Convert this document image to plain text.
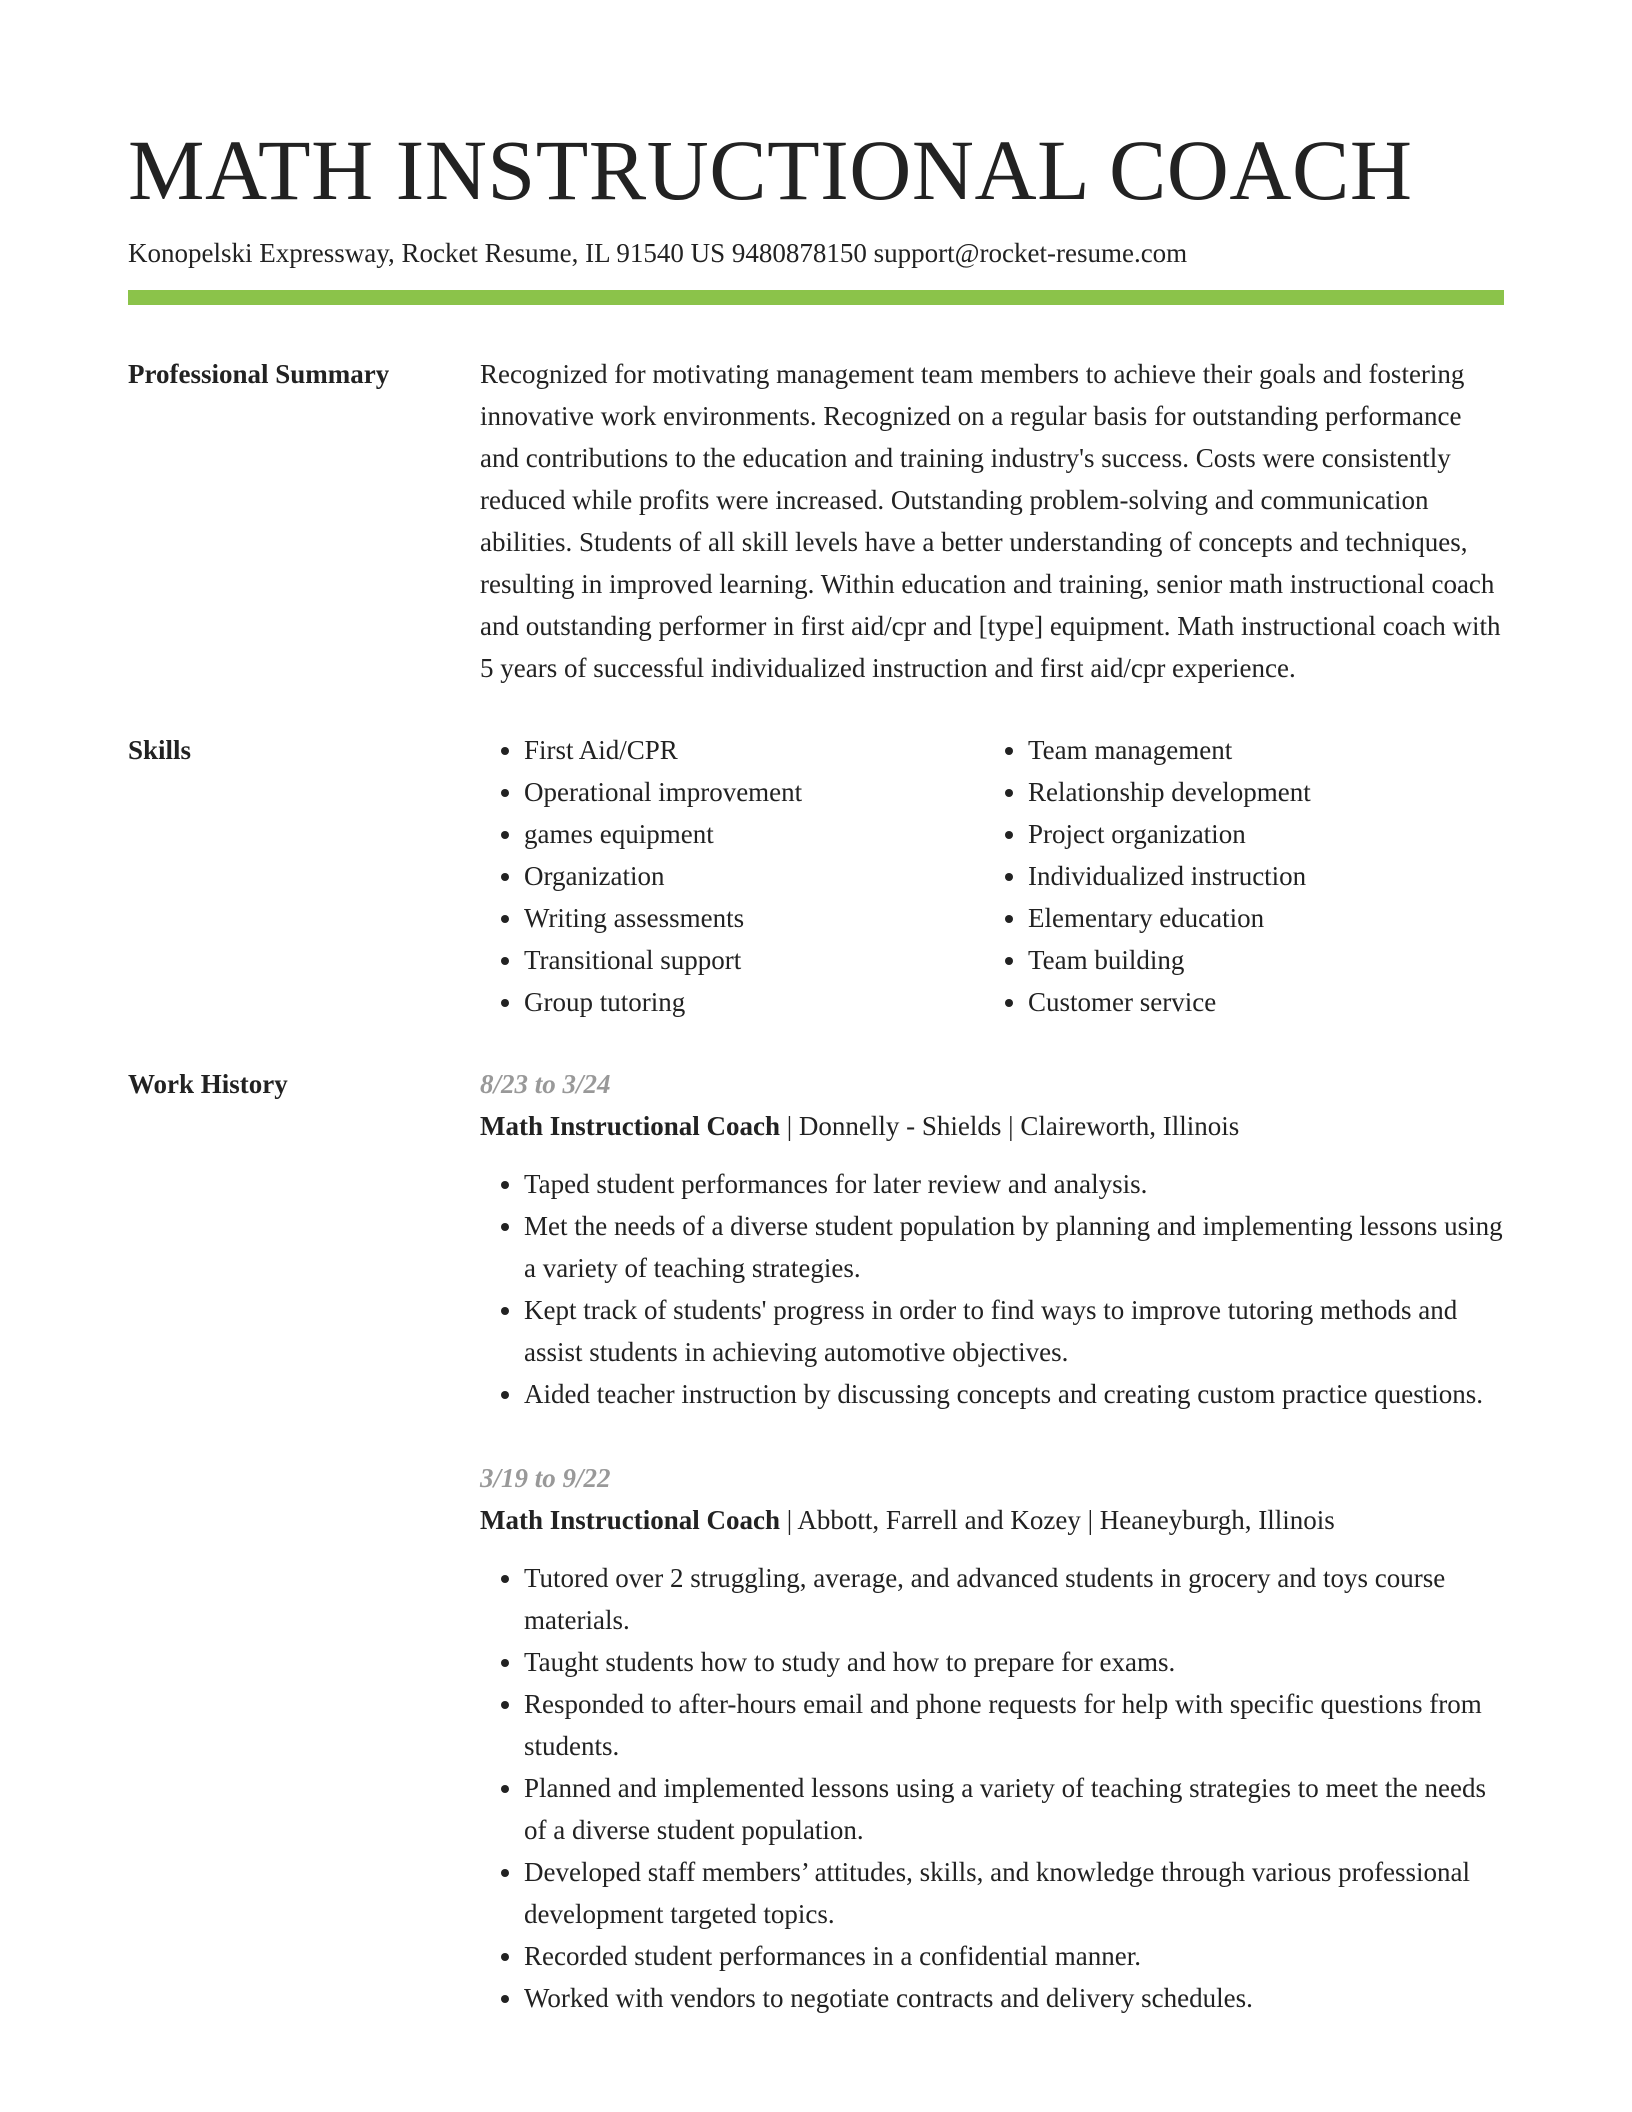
MATH INSTRUCTIONAL COACH
Konopelski Expressway, Rocket Resume, IL 91540 US 9480878150 support@rocket-resume.com
Professional Summary	Recognized for motivating management team members to achieve their goals and fostering innovative work environments. Recognized on a regular basis for outstanding performance and contributions to the education and training industry's success. Costs were consistently reduced while profits were increased. Outstanding problem-solving and communication abilities. Students of all skill levels have a better understanding of concepts and techniques, resulting in improved learning. Within education and training, senior math instructional coach and outstanding performer in first aid/cpr and [type] equipment. Math instructional coach with 5 years of successful individualized instruction and first aid/cpr experience.

Skills
•	First Aid/CPR
• Operational improvement
• games equipment
• Organization
• Writing assessments
• Transitional support
• Group tutoring
• Team management
• Relationship development
• Project organization
• Individualized instruction
• Elementary education
• Team building
• Customer service
Work History	8/23 to 3/24
Math Instructional Coach | Donnelly - Shields | Claireworth, Illinois
• Taped student performances for later review and analysis.
• Met the needs of a diverse student population by planning and implementing lessons using a variety of teaching strategies.
• Kept track of students' progress in order to find ways to improve tutoring methods and assist students in achieving automotive objectives.
• Aided teacher instruction by discussing concepts and creating custom practice questions.
3/19 to 9/22
Math Instructional Coach | Abbott, Farrell and Kozey | Heaneyburgh, Illinois
• Tutored over 2 struggling, average, and advanced students in grocery and toys course materials.
• Taught students how to study and how to prepare for exams.
• Responded to after-hours email and phone requests for help with specific questions from students.
• Planned and implemented lessons using a variety of teaching strategies to meet the needs of a diverse student population.
• Developed staff members’ attitudes, skills, and knowledge through various professional development targeted topics.
• Recorded student performances in a confidential manner.
• Worked with vendors to negotiate contracts and delivery schedules.
